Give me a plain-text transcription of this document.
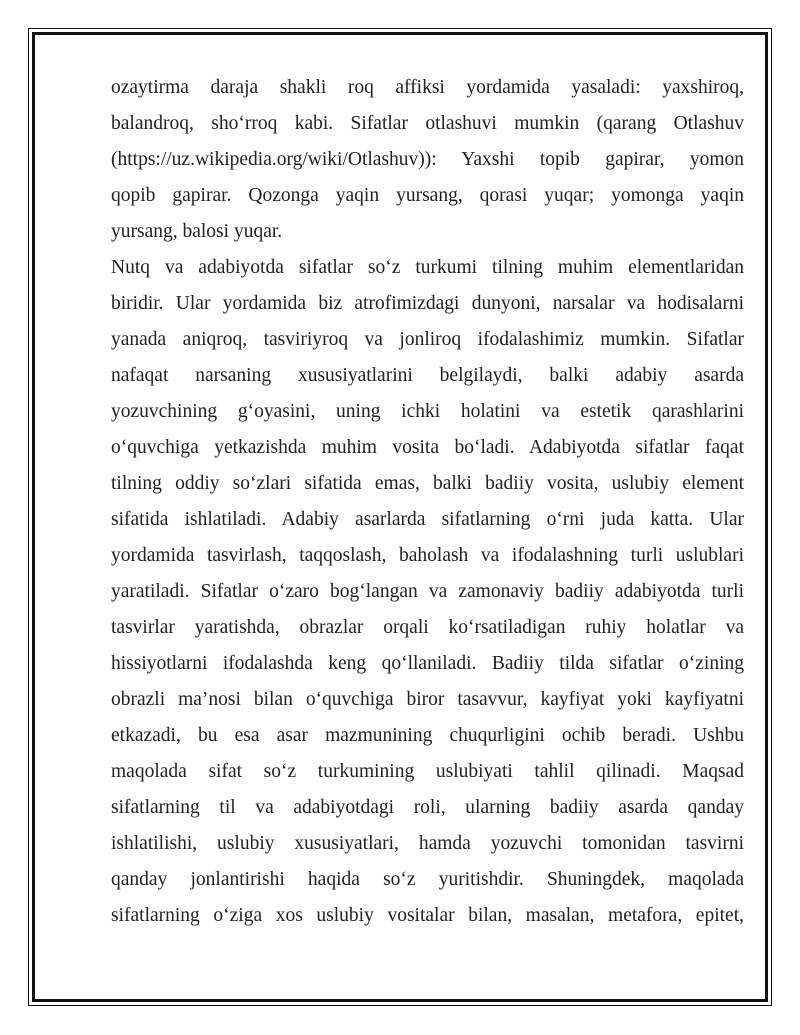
ozaytirma daraja shakli roq affiksi yordamida yasaladi: yaxshiroq,
balandroq, sho‘rroq kabi. Sifatlar otlashuvi mumkin (qarang Otlashuv
(https://uz.wikipedia.org/wiki/Otlashuv)): Yaxshi topib gapirar, yomon
qopib gapirar. Qozonga yaqin yursang, qorasi yuqar; yomonga yaqin
yursang, balosi yuqar.

Nutq va adabiyotda sifatlar so‘z turkumi tilning muhim elementlaridan
biridir. Ular yordamida biz atrofimizdagi dunyoni, narsalar va hodisalarni
yanada aniqroq, tasviriyroq va jonliroq ifodalashimiz mumkin. Sifatlar
nafaqat narsaning xususiyatlarini belgilaydi, balki adabiy asarda
yozuvchining g‘oyasini, uning ichki holatini va estetik qarashlarini
o‘quvchiga yetkazishda muhim vosita bo‘ladi. Adabiyotda sifatlar faqat
tilning oddiy so‘zlari sifatida emas, balki badiiy vosita, uslubiy element
sifatida ishlatiladi. Adabiy asarlarda sifatlarning o‘rni juda katta. Ular
yordamida tasvirlash, taqqoslash, baholash va ifodalashning turli uslublari
yaratiladi. Sifatlar o‘zaro bog‘langan va zamonaviy badiiy adabiyotda turli
tasvirlar yaratishda, obrazlar orqali ko‘rsatiladigan ruhiy holatlar va
hissiyotlarni ifodalashda keng qo‘llaniladi. Badiiy tilda sifatlar o‘zining
obrazli ma’nosi bilan o‘quvchiga biror tasavvur, kayfiyat yoki kayfiyatni
etkazadi, bu esa asar mazmunining chuqurligini ochib beradi. Ushbu
maqolada sifat so‘z turkumining uslubiyati tahlil qilinadi. Maqsad
sifatlarning til va adabiyotdagi roli, ularning badiiy asarda qanday
ishlatilishi, uslubiy xususiyatlari, hamda yozuvchi tomonidan tasvirni
qanday jonlantirishi haqida so‘z yuritishdir. Shuningdek, maqolada
sifatlarning o‘ziga xos uslubiy vositalar bilan, masalan, metafora, epitet,
